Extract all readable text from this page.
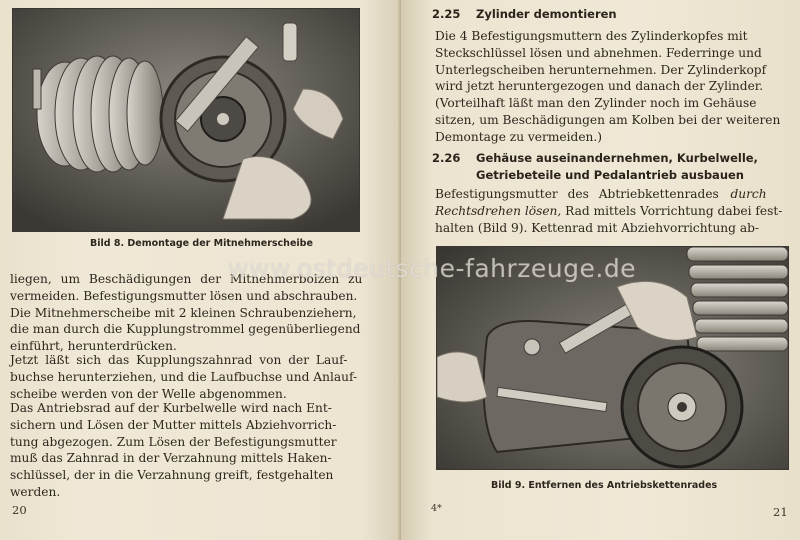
Bild 8. Demontage der Mitnehmerscheibe

liegen, um Beschädigungen der Mitnehmerbolzen zu
vermeiden. Befestigungsmutter lösen und abschrauben.
Die Mitnehmerscheibe mit 2 kleinen Schraubenziehern,
die man durch die Kupplungstrommel gegenüberliegend
einführt, herunterdrücken.

Jetzt läßt sich das Kupplungszahnrad von der Lauf-
buchse herunterziehen, und die Laufbuchse und Anlauf-
scheibe werden von der Welle abgenommen.

Das Antriebsrad auf der Kurbelwelle wird nach Ent-
sichern und Lösen der Mutter mittels Abziehvorrich-
tung abgezogen. Zum Lösen der Befestigungsmutter
muß das Zahnrad in der Verzahnung mittels Haken-
schlüssel, der in die Verzahnung greift, festgehalten
werden.

20
2.25 Zylinder demontieren

Die 4 Befestigungsmuttern des Zylinderkopfes mit
Steckschlüssel lösen und abnehmen. Federringe und
Unterlegscheiben herunternehmen. Der Zylinderkopf
wird jetzt heruntergezogen und danach der Zylinder.
(Vorteilhaft läßt man den Zylinder noch im Gehäuse
sitzen, um Beschädigungen am Kolben bei der weiteren
Demontage zu vermeiden.)

2.26 Gehäuse auseinandernehmen, Kurbelwelle,
Getriebeteile und Pedalantrieb ausbauen

Befestigungsmutter des Abtriebkettenrades durch
Rechtsdrehen lösen, Rad mittels Vorrichtung dabei fest-
halten (Bild 9). Kettenrad mit Abziehvorrichtung ab-

Bild 9. Entfernen des Antriebskettenrades
4*	21
www.ostdeutsche-fahrzeuge.de
